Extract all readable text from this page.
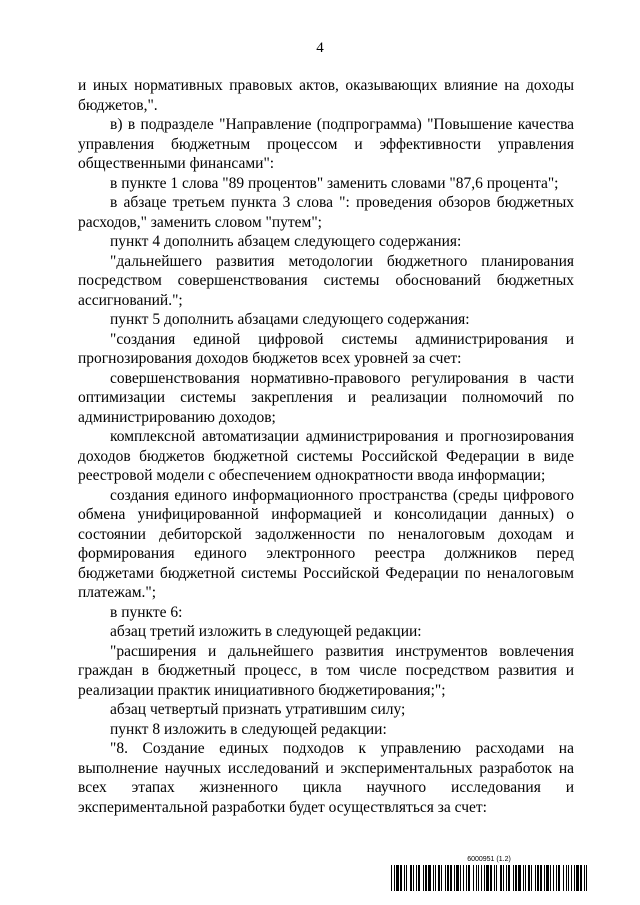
4

и иных нормативных правовых актов, оказывающих влияние на доходы бюджетов,".

в) в подразделе "Направление (подпрограмма) "Повышение качества управления бюджетным процессом и эффективности управления общественными финансами":

в пункте 1 слова "89 процентов" заменить словами "87,6 процента";

в абзаце третьем пункта 3 слова ": проведения обзоров бюджетных расходов," заменить словом "путем";

пункт 4 дополнить абзацем следующего содержания:

"дальнейшего развития методологии бюджетного планирования посредством совершенствования системы обоснований бюджетных ассигнований.";

пункт 5 дополнить абзацами следующего содержания:

"создания единой цифровой системы администрирования и прогнозирования доходов бюджетов всех уровней за счет:

совершенствования нормативно-правового регулирования в части оптимизации системы закрепления и реализации полномочий по администрированию доходов;

комплексной автоматизации администрирования и прогнозирования доходов бюджетов бюджетной системы Российской Федерации в виде реестровой модели с обеспечением однократности ввода информации;

создания единого информационного пространства (среды цифрового обмена унифицированной информацией и консолидации данных) о состоянии дебиторской задолженности по неналоговым доходам и формирования единого электронного реестра должников перед бюджетами бюджетной системы Российской Федерации по неналоговым платежам.";

в пункте 6:

абзац третий изложить в следующей редакции:

"расширения и дальнейшего развития инструментов вовлечения граждан в бюджетный процесс, в том числе посредством развития и реализации практик инициативного бюджетирования;";

абзац четвертый признать утратившим силу;

пункт 8 изложить в следующей редакции:

"8. Создание единых подходов к управлению расходами на выполнение научных исследований и экспериментальных разработок на всех этапах жизненного цикла научного исследования и экспериментальной разработки будет осуществляться за счет:

6000951 (1.2)
